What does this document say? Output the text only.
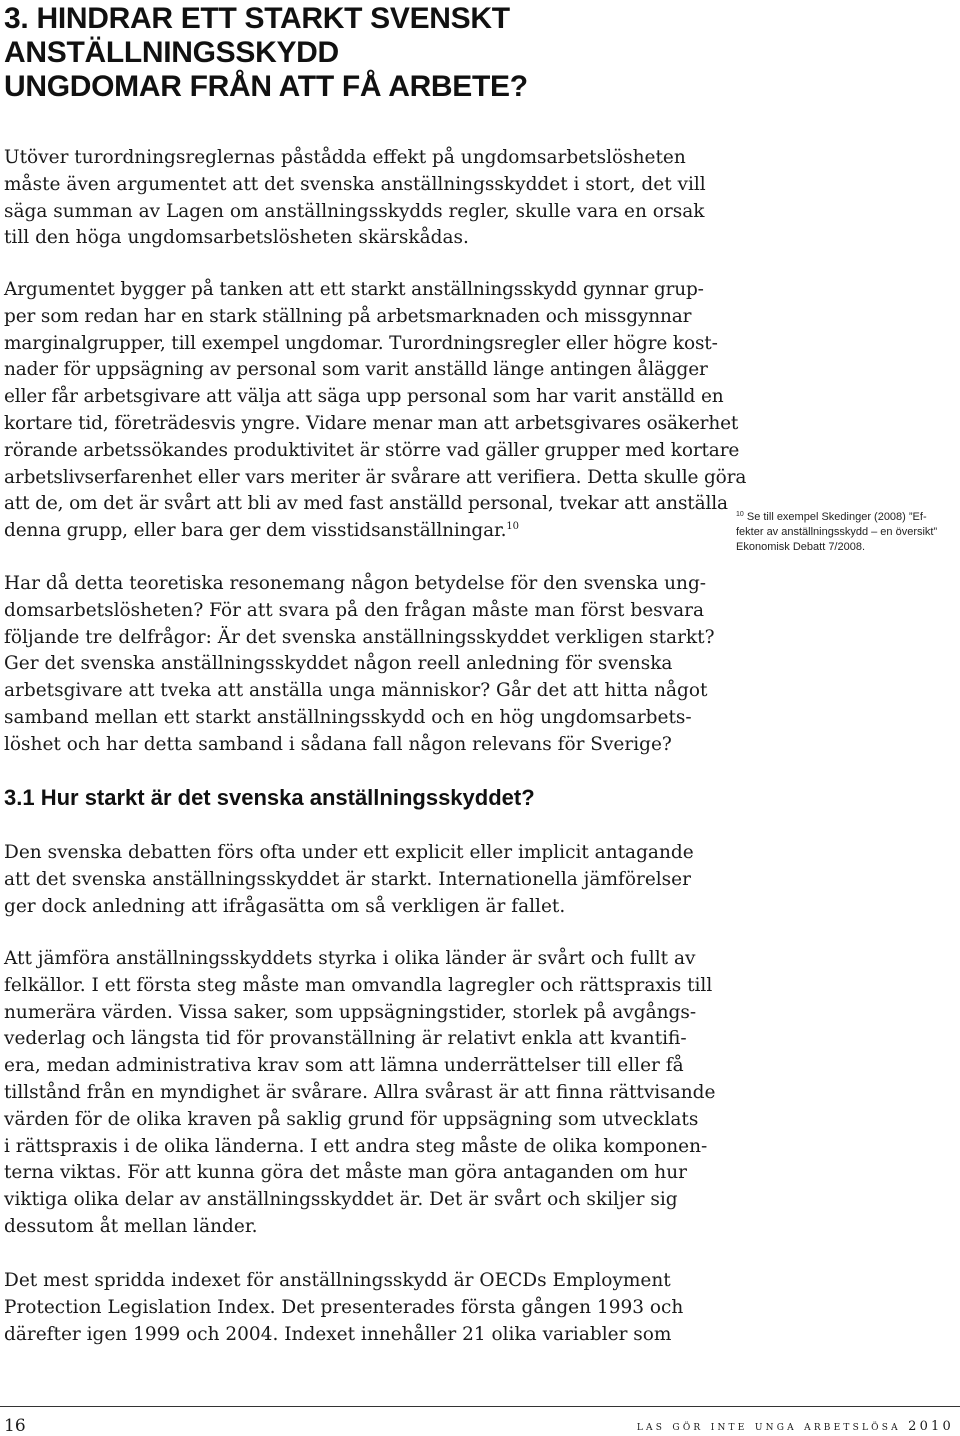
3. HINDRAR ETT STARKT SVENSKT ANSTÄLLNINGSSKYDD
UNGDOMAR FRÅN ATT FÅ ARBETE?

Utöver turordningsreglernas påstådda effekt på ungdomsarbetslösheten
måste även argumentet att det svenska anställningsskyddet i stort, det vill
säga summan av Lagen om anställningsskydds regler, skulle vara en orsak
till den höga ungdomsarbetslösheten skärskådas.

Argumentet bygger på tanken att ett starkt anställningsskydd gynnar grup-
per som redan har en stark ställning på arbetsmarknaden och missgynnar
marginalgrupper, till exempel ungdomar. Turordningsregler eller högre kost-
nader för uppsägning av personal som varit anställd länge antingen ålägger
eller får arbetsgivare att välja att säga upp personal som har varit anställd en
kortare tid, företrädesvis yngre. Vidare menar man att arbetsgivares osäkerhet
rörande arbetssökandes produktivitet är större vad gäller grupper med kortare
arbetslivserfarenhet eller vars meriter är svårare att verifiera. Detta skulle göra
att de, om det är svårt att bli av med fast anställd personal, tvekar att anställa
denna grupp, eller bara ger dem visstidsanställningar.$^{10}$

Har då detta teoretiska resonemang någon betydelse för den svenska ung-
domsarbetslösheten? För att svara på den frågan måste man först besvara
följande tre delfrågor: Är det svenska anställningsskyddet verkligen starkt?
Ger det svenska anställningsskyddet någon reell anledning för svenska
arbetsgivare att tveka att anställa unga människor? Går det att hitta något
samband mellan ett starkt anställningsskydd och en hög ungdomsarbets-
löshet och har detta samband i sådana fall någon relevans för Sverige?

3.1 Hur starkt är det svenska anställningsskyddet?

Den svenska debatten förs ofta under ett explicit eller implicit antagande
att det svenska anställningsskyddet är starkt. Internationella jämförelser
ger dock anledning att ifrågasätta om så verkligen är fallet.

Att jämföra anställningsskyddets styrka i olika länder är svårt och fullt av
felkällor. I ett första steg måste man omvandla lagregler och rättspraxis till
numerära värden. Vissa saker, som uppsägningstider, storlek på avgångs-
vederlag och längsta tid för provanställning är relativt enkla att kvantifi-
era, medan administrativa krav som att lämna underrättelser till eller få
tillstånd från en myndighet är svårare. Allra svårast är att finna rättvisande
värden för de olika kraven på saklig grund för uppsägning som utvecklats
i rättspraxis i de olika länderna. I ett andra steg måste de olika komponen-
terna viktas. För att kunna göra det måste man göra antaganden om hur
viktiga olika delar av anställningsskyddet är. Det är svårt och skiljer sig
dessutom åt mellan länder.

Det mest spridda indexet för anställningsskydd är OECDs Employment
Protection Legislation Index. Det presenterades första gången 1993 och
därefter igen 1999 och 2004. Indexet innehåller 21 olika variabler som

$^{10}$ Se till exempel Skedinger (2008) ”Ef-
fekter av anställningsskydd – en översikt”
Ekonomisk Debatt 7/2008.
16	las gör inte unga arbetslösa 2010
